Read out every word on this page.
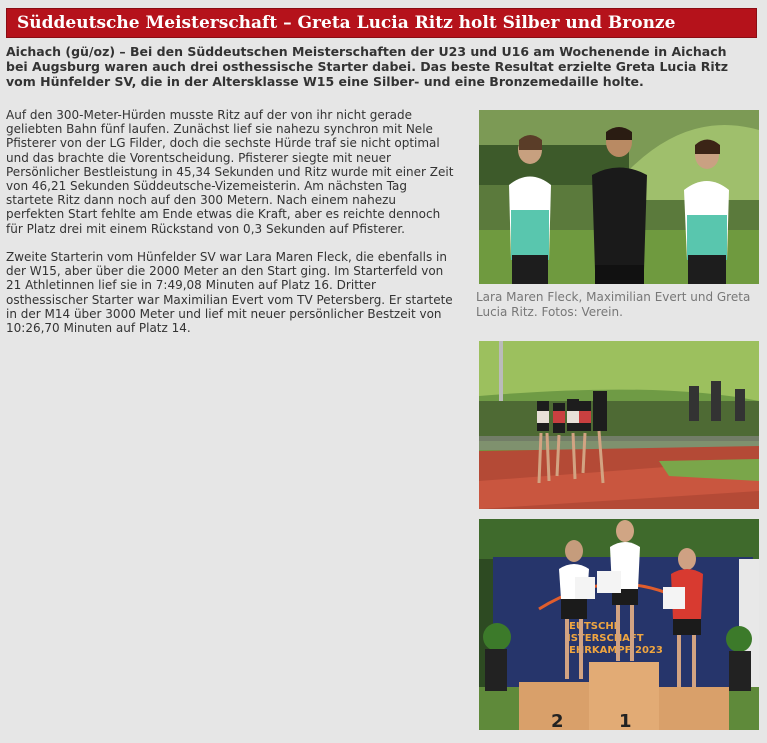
Süddeutsche Meisterschaft – Greta Lucia Ritz holt Silber und Bronze
Aichach (gü/oz) – Bei den Süddeutschen Meisterschaften der U23 und U16 am Wochenende in Aichach bei Augsburg waren auch drei osthessische Starter dabei. Das beste Resultat erzielte Greta Lucia Ritz vom Hünfelder SV, die in der Altersklasse W15 eine Silber- und eine Bronzemedaille holte.

Auf den 300-Meter-Hürden musste Ritz auf der von ihr nicht gerade geliebten Bahn fünf laufen. Zunächst lief sie nahezu synchron mit Nele Pfisterer von der LG Filder, doch die sechste Hürde traf sie nicht optimal und das brachte die Vorentscheidung. Pfisterer siegte mit neuer Persönlicher Bestleistung in 45,34 Sekunden und Ritz wurde mit einer Zeit von 46,21 Sekunden Süddeutsche-Vizemeisterin. Am nächsten Tag startete Ritz dann noch auf den 300 Metern. Nach einem nahezu perfekten Start fehlte am Ende etwas die Kraft, aber es reichte dennoch für Platz drei mit einem Rückstand von 0,3 Sekunden auf Pfisterer.

Zweite Starterin vom Hünfelder SV war Lara Maren Fleck, die ebenfalls in der W15, aber über die 2000 Meter an den Start ging. Im Starterfeld von 21 Athletinnen lief sie in 7:49,08 Minuten auf Platz 16. Dritter osthessischer Starter war Maximilian Evert vom TV Petersberg. Er startete in der M14 über 3000 Meter und lief mit neuer persönlicher Bestzeit von 10:26,70 Minuten auf Platz 14.

Lara Maren Fleck, Maximilian Evert und Greta Lucia Ritz. Fotos: Verein.
EUTSCHE
ISTERSCHAFT
EHRKAMPF 2023
2	1
